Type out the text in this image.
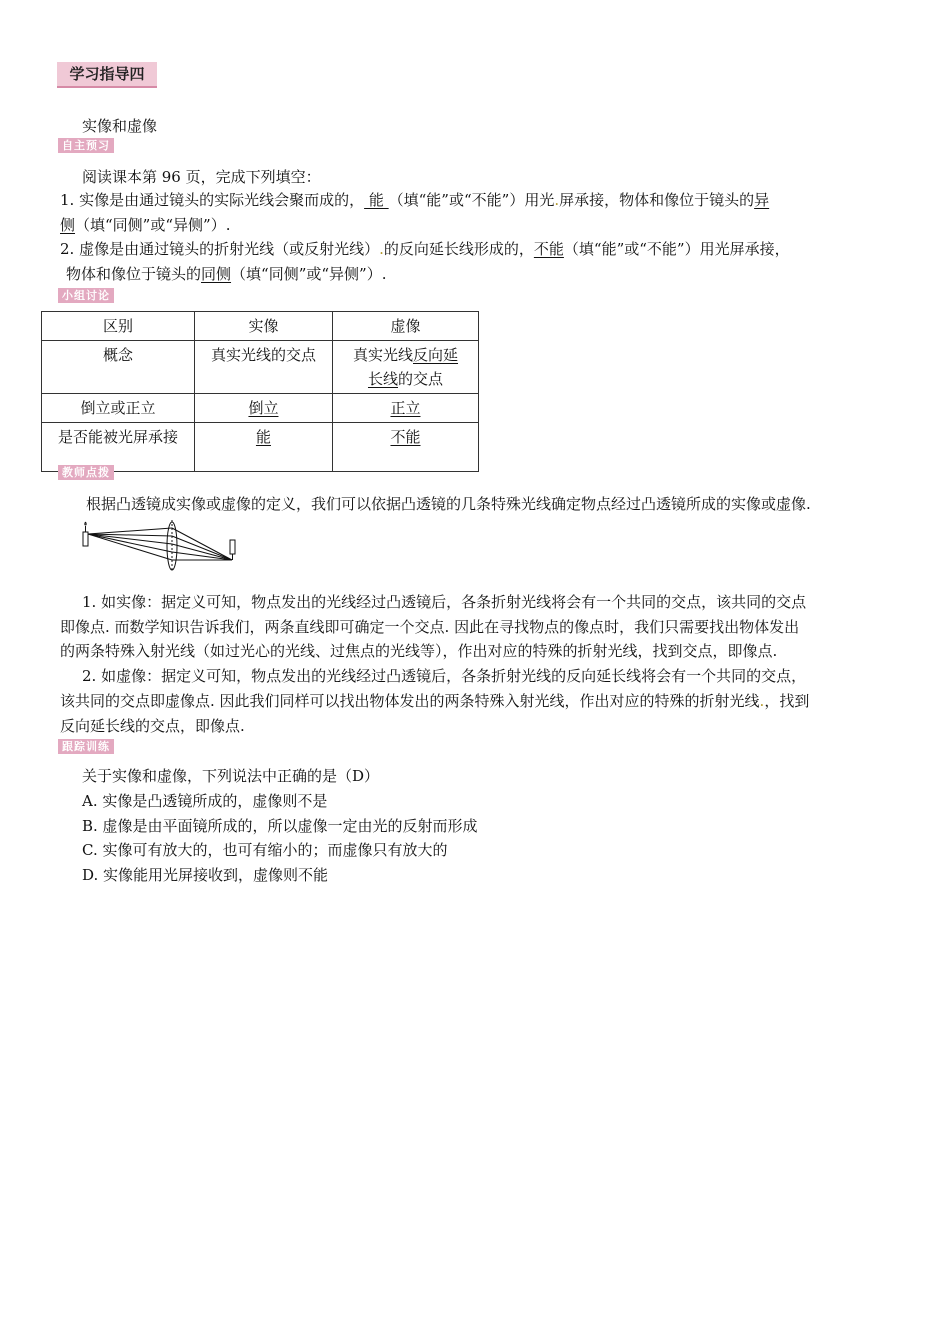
学习指导四
实像和虚像
自主预习
阅读课本第 96 页，完成下列填空：
1. 实像是由通过镜头的实际光线会聚而成的， 能 （填“能”或“不能”）用光.屏承接，物体和像位于镜头的异
侧（填“同侧”或“异侧”）.
2. 虚像是由通过镜头的折射光线（或反射光线）.的反向延长线形成的，不能（填“能”或“不能”）用光屏承接，
物体和像位于镜头的同侧（填“同侧”或“异侧”）.
小组讨论
区别	实像	虚像
概念	真实光线的交点	真实光线反向延
长线的交点
倒立或正立	倒立	正立
是否能被光屏承接	能	不能
教师点拨
根据凸透镜成实像或虚像的定义，我们可以依据凸透镜的几条特殊光线确定物点经过凸透镜所成的实像或虚像.
1. 如实像：据定义可知，物点发出的光线经过凸透镜后，各条折射光线将会有一个共同的交点，该共同的交点
即像点. 而数学知识告诉我们，两条直线即可确定一个交点. 因此在寻找物点的像点时，我们只需要找出物体发出
的两条特殊入射光线（如过光心的光线、过焦点的光线等），作出对应的特殊的折射光线，找到交点，即像点.
2. 如虚像：据定义可知，物点发出的光线经过凸透镜后，各条折射光线的反向延长线将会有一个共同的交点，
该共同的交点即虚像点. 因此我们同样可以找出物体发出的两条特殊入射光线，作出对应的特殊的折射光线.，找到
反向延长线的交点，即像点.
跟踪训练
关于实像和虚像，下列说法中正确的是（D）
A. 实像是凸透镜所成的，虚像则不是
B. 虚像是由平面镜所成的，所以虚像一定由光的反射而形成
C. 实像可有放大的，也可有缩小的；而虚像只有放大的
D. 实像能用光屏接收到，虚像则不能
